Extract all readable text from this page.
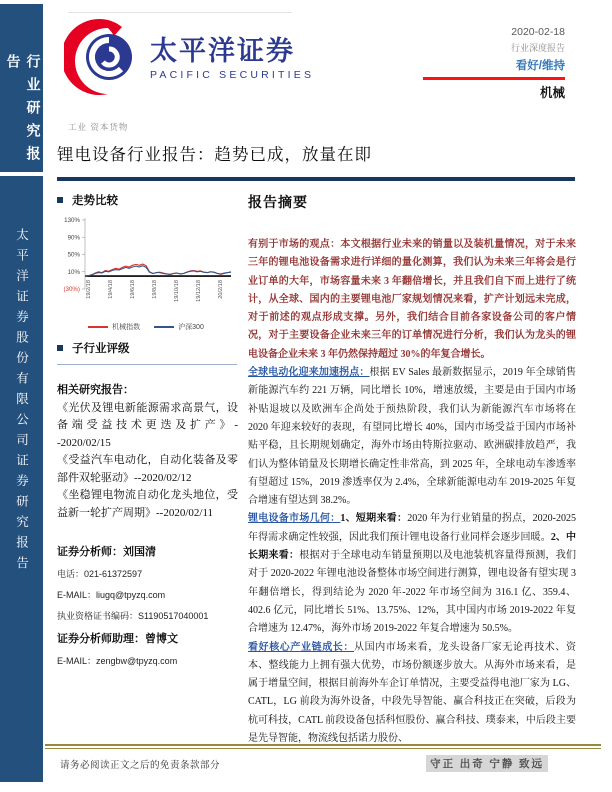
行业研究报告
太平洋证券股份有限公司证券研究报告
太平洋证券
PACIFIC SECURITIES
2020-02-18
行业深度报告
看好/维持
机械
工业 资本货物
锂电设备行业报告：趋势已成，放量在即
走势比较
130%
90%
50%
10%
(30%) 19/2/18	19/4/18	19/6/18	19/8/18	19/10/18	19/12/18	20/2/18
机械指数	沪深300
子行业评级
相关研究报告：
《光伏及锂电新能源需求高景气，设备端受益技术更迭及扩产》--2020/02/15
《受益汽车电动化，自动化装备及零部件双轮驱动》--2020/02/12
《坐稳锂电物流自动化龙头地位，受益新一轮扩产周期》--2020/02/11
证券分析师：刘国清
电话：021-61372597
E-MAIL：liugq@tpyzq.com
执业资格证书编码：S1190517040001
证券分析师助理：曾博文
E-MAIL：zengbw@tpyzq.com
报告摘要

有别于市场的观点：本文根据行业未来的销量以及装机量情况，对于未来三年的锂电池设备需求进行详细的量化测算，我们认为未来三年将会是行业订单的大年，市场容量未来 3 年翻倍增长，并且我们自下而上进行了统计，从全球、国内的主要锂电池厂家规划情况来看，扩产计划远未完成，对于前述的观点形成支撑。另外，我们结合目前各家设备公司的客户情况，对于主要设备企业未来三年的订单情况进行分析，我们认为龙头的锂电设备企业未来 3 年仍然保持超过 30%的年复合增长。

全球电动化迎来加速拐点：根据 EV Sales 最新数据显示，2019 年全球销售新能源汽车约 221 万辆，同比增长 10%，增速放缓，主要是由于国内市场补贴退坡以及欧洲车企尚处于预热阶段，我们认为新能源汽车市场将在 2020 年迎来较好的表现，有望同比增长 40%，国内市场受益于国内市场补贴平稳，且长期规划确定，海外市场由特斯拉驱动、欧洲碳排放趋严，我们认为整体销量及长期增长确定性非常高，到 2025 年，全球电动车渗透率有望超过 15%，2019 渗透率仅为 2.4%，全球新能源电动车 2019-2025 年复合增速有望达到 38.2%。

锂电设备市场几何：1、短期来看：2020 年为行业销量的拐点，2020-2025 年得需求确定性较强，因此我们预计锂电设备行业同样会逐步回暖。2、中长期来看：根据对于全球电动车销量预期以及电池装机容量得预测，我们对于 2020-2022 年锂电池设备整体市场空间进行测算，锂电设备有望实现 3 年翻倍增长，得到结论为 2020 年-2022 年市场空间为 316.1 亿、359.4、402.6 亿元，同比增长 51%、13.75%、12%，其中国内市场 2019-2022 年复合增速为 12.47%，海外市场 2019-2022 年复合增速为 50.5%。

看好核心产业链成长：从国内市场来看，龙头设备厂家无论再技术、资本、整线能力上拥有强大优势，市场份额逐步放大。从海外市场来看，是属于增量空间，根据目前海外车企订单情况，主要受益得电池厂家为 LG、CATL，LG 前段为海外设备，中段先导智能、赢合科技正在突破，后段为杭可科技，CATL 前段设备包括科恒股份、赢合科技、璞泰来，中后段主要是先导智能，物流线包括诺力股份、

请务必阅读正文之后的免责条款部分	守正 出奇 宁静 致远
